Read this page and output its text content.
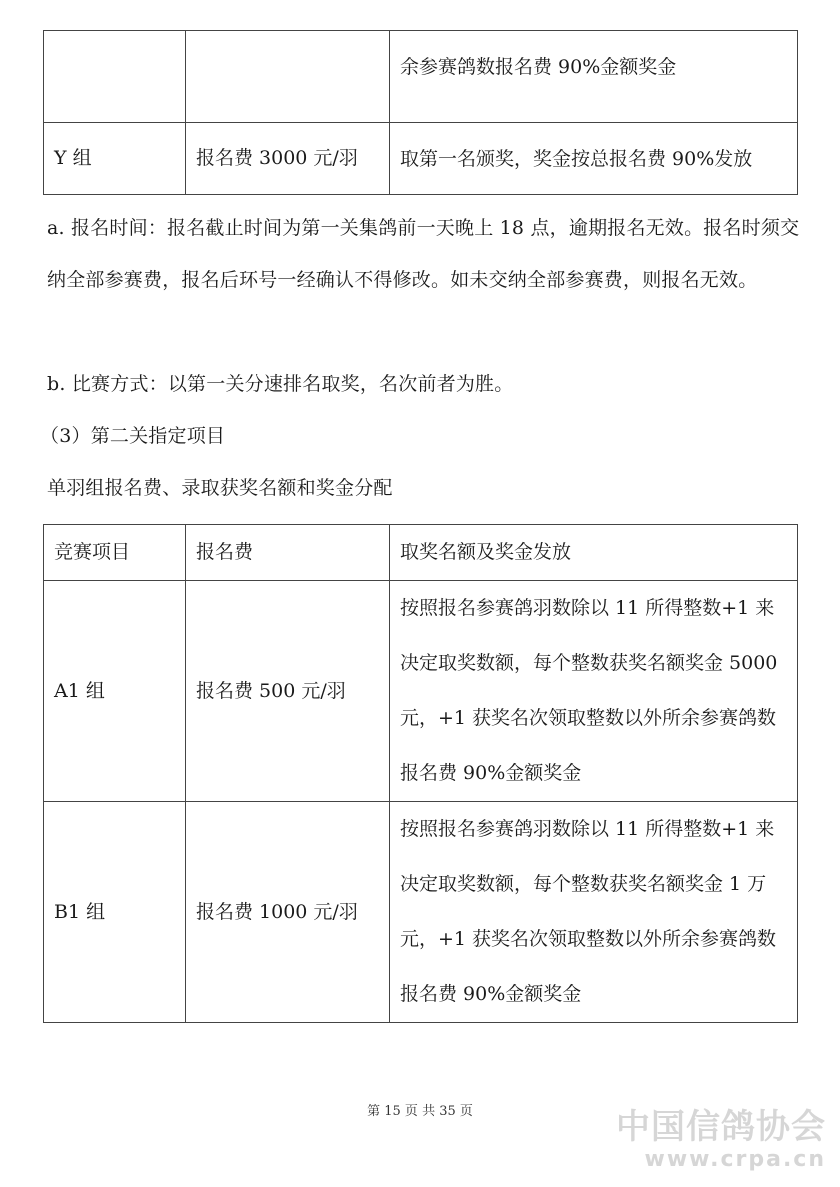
		余参赛鸽数报名费 90%金额奖金
Y 组	报名费 3000 元/羽	取第一名颁奖，奖金按总报名费 90%发放
a. 报名时间：报名截止时间为第一关集鸽前一天晚上 18 点，逾期报名无效。报名时须交纳全部参赛费，报名后环号一经确认不得修改。如未交纳全部参赛费，则报名无效。
b. 比赛方式：以第一关分速排名取奖，名次前者为胜。
（3）第二关指定项目
单羽组报名费、录取获奖名额和奖金分配
竞赛项目	报名费	取奖名额及奖金发放
A1 组	报名费 500 元/羽	按照报名参赛鸽羽数除以 11 所得整数+1 来决定取奖数额，每个整数获奖名额奖金 5000 元，+1 获奖名次领取整数以外所余参赛鸽数报名费 90%金额奖金
B1 组	报名费 1000 元/羽	按照报名参赛鸽羽数除以 11 所得整数+1 来决定取奖数额，每个整数获奖名额奖金 1 万元，+1 获奖名次领取整数以外所余参赛鸽数报名费 90%金额奖金
第 15 页 共 35 页	中国信鸽协会
www.crpa.cn
